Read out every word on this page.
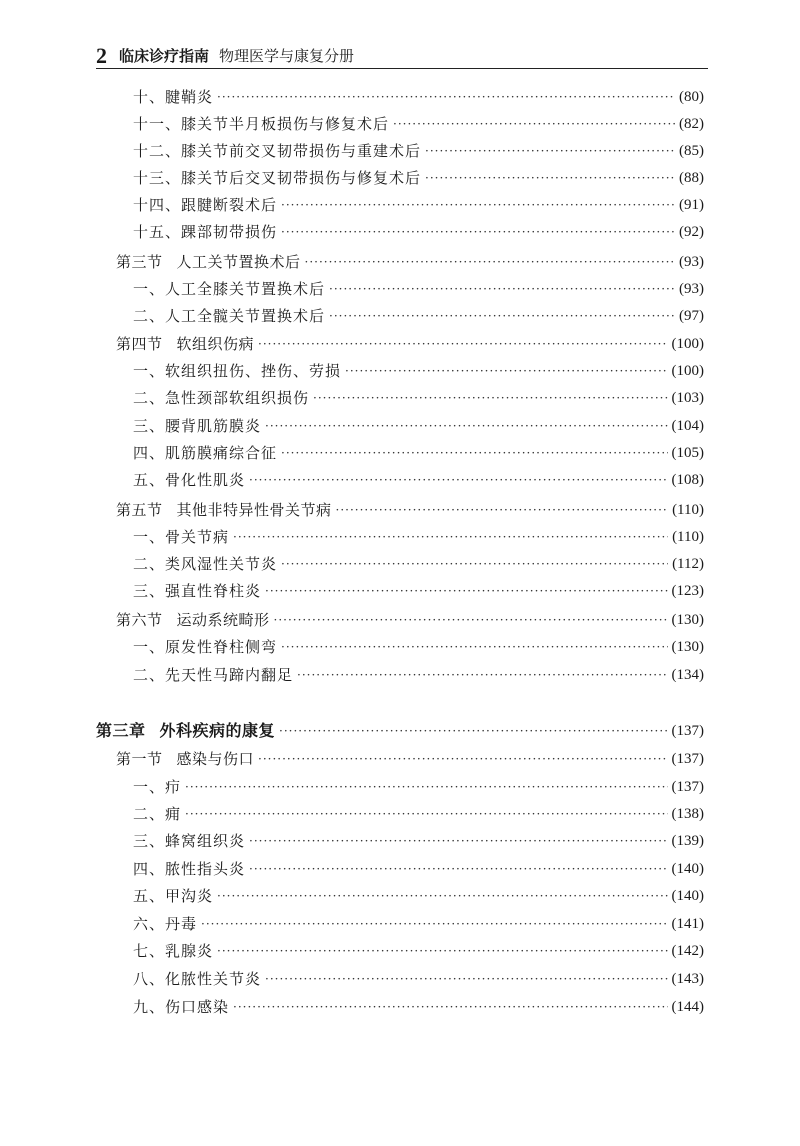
2 临床诊疗指南 物理医学与康复分册
十、腱鞘炎 ·····	(80)
十一、膝关节半月板损伤与修复术后 ·····	(82)
十二、膝关节前交叉韧带损伤与重建术后 ·····	(85)
十三、膝关节后交叉韧带损伤与修复术后 ·····	(88)
十四、跟腱断裂术后 ·····	(91)
十五、踝部韧带损伤 ·····	(92)
第三节 人工关节置换术后 ·····	(93)
一、人工全膝关节置换术后 ·····	(93)
二、人工全髋关节置换术后 ·····	(97)
第四节 软组织伤病 ·····	(100)
一、软组织扭伤、挫伤、劳损 ·····	(100)
二、急性颈部软组织损伤 ·····	(103)
三、腰背肌筋膜炎 ·····	(104)
四、肌筋膜痛综合征 ·····	(105)
五、骨化性肌炎 ·····	(108)
第五节 其他非特异性骨关节病 ·····	(110)
一、骨关节病 ·····	(110)
二、类风湿性关节炎 ·····	(112)
三、强直性脊柱炎 ·····	(123)
第六节 运动系统畸形 ·····	(130)
一、原发性脊柱侧弯 ·····	(130)
二、先天性马蹄内翻足 ·····	(134)
第三章 外科疾病的康复 ·····	(137)
第一节 感染与伤口 ·····	(137)
一、疖 ·····	(137)
二、痈 ·····	(138)
三、蜂窝组织炎 ·····	(139)
四、脓性指头炎 ·····	(140)
五、甲沟炎 ·····	(140)
六、丹毒 ·····	(141)
七、乳腺炎 ·····	(142)
八、化脓性关节炎 ·····	(143)
九、伤口感染 ·····	(144)
